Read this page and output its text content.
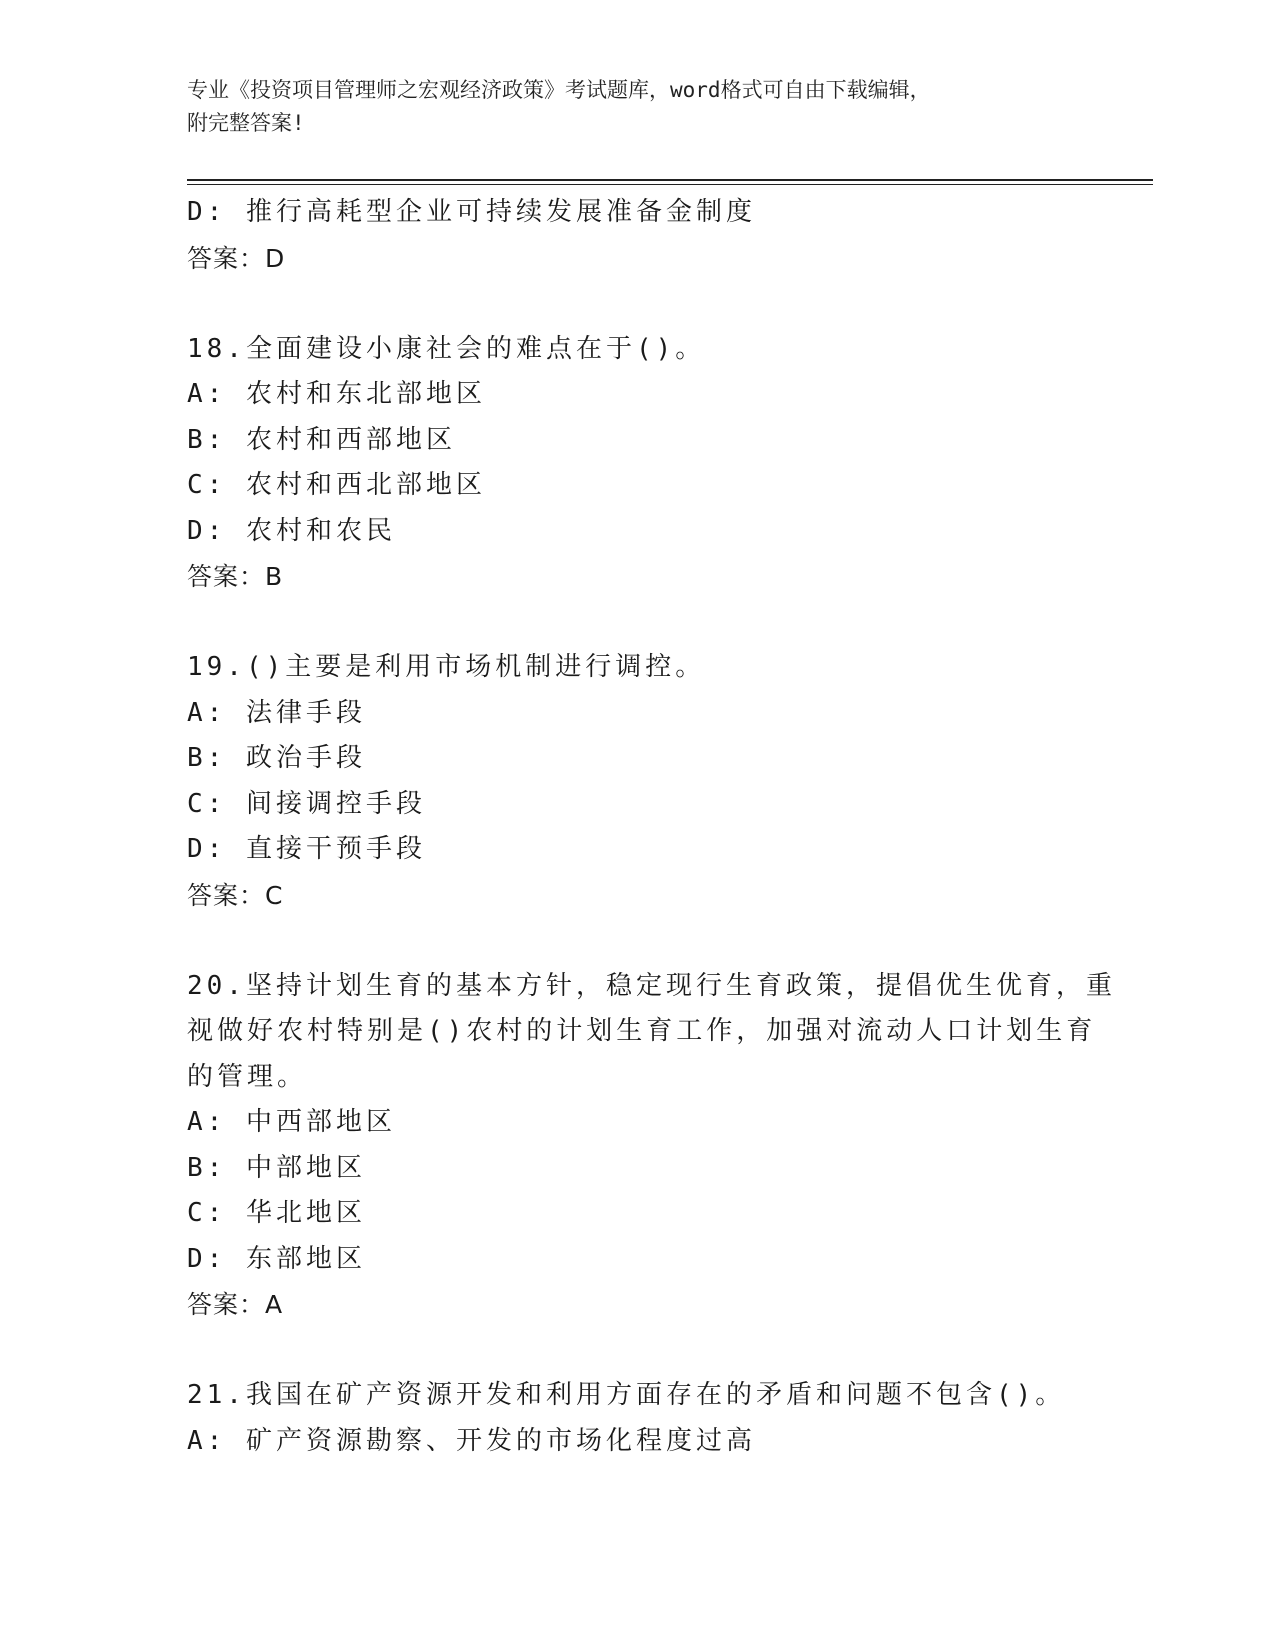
专业《投资项目管理师之宏观经济政策》考试题库，word格式可自由下载编辑，
附完整答案!
D: 推行高耗型企业可持续发展准备金制度
答案：D
18.全面建设小康社会的难点在于()。
A: 农村和东北部地区
B: 农村和西部地区
C: 农村和西北部地区
D: 农村和农民
答案：B
19.()主要是利用市场机制进行调控。
A: 法律手段
B: 政治手段
C: 间接调控手段
D: 直接干预手段
答案：C
20.坚持计划生育的基本方针，稳定现行生育政策，提倡优生优育，重
视做好农村特别是()农村的计划生育工作，加强对流动人口计划生育
的管理。
A: 中西部地区
B: 中部地区
C: 华北地区
D: 东部地区
答案：A
21.我国在矿产资源开发和利用方面存在的矛盾和问题不包含()。
A: 矿产资源勘察、开发的市场化程度过高
